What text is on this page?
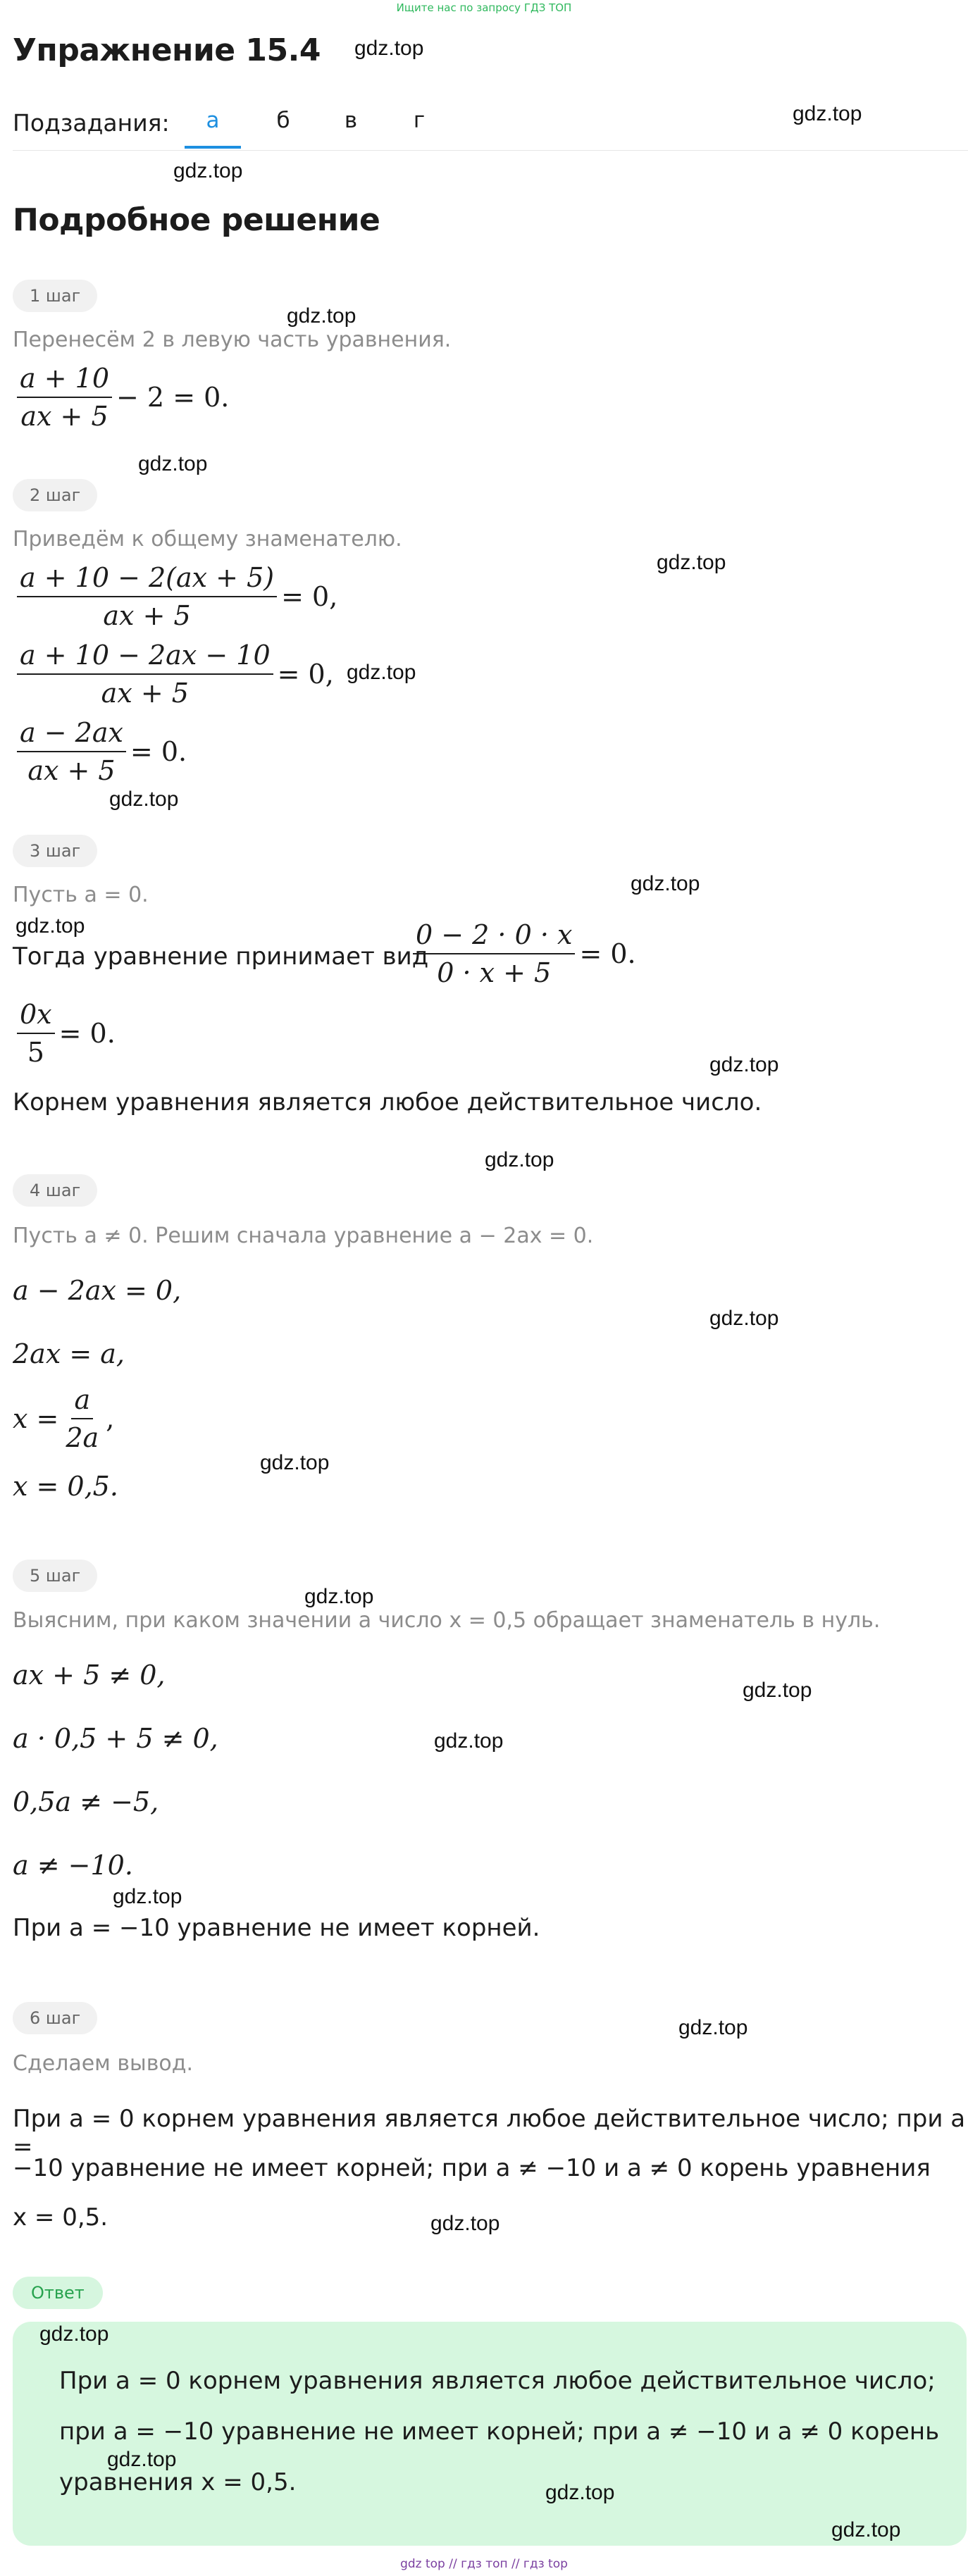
Ищите нас по запросу ГДЗ ТОП
Упражнение 15.4
Подзадания:	а	б	в	г
Подробное решение
1 шаг
Перенесём 2 в левую часть уравнения.
$\frac{a + 10}{ax + 5} - 2 = 0$.
2 шаг
Приведём к общему знаменателю.
$\frac{a + 10 - 2(ax + 5)}{ax + 5} = 0$,
$\frac{a + 10 - 2ax - 10}{ax + 5} = 0$,
$\frac{a - 2ax}{ax + 5} = 0$.
3 шаг
Пусть a = 0.
Тогда уравнение принимает вид
$\frac{0 - 2 \cdot 0 \cdot x}{0 \cdot x + 5} = 0$.
$\frac{0x}{5} = 0$.
Корнем уравнения является любое действительное число.
4 шаг
Пусть a ≠ 0. Решим сначала уравнение a − 2ax = 0.
a − 2ax = 0,
2ax = a,
$x = \frac{a}{2a}$ ,
x = 0,5.
5 шаг
Выясним, при каком значении a число x = 0,5 обращает знаменатель в нуль.
ax + 5 ≠ 0,
a · 0,5 + 5 ≠ 0,
0,5a ≠ −5,
a ≠ −10.
При a = −10 уравнение не имеет корней.
6 шаг
Сделаем вывод.
При a = 0 корнем уравнения является любое действительное число; при a =
−10 уравнение не имеет корней; при a ≠ −10 и a ≠ 0 корень уравнения
x = 0,5.
Ответ
При a = 0 корнем уравнения является любое действительное число;
при a = −10 уравнение не имеет корней; при a ≠ −10 и a ≠ 0 корень
уравнения x = 0,5.
gdz.top
gdz.top
gdz.top
gdz.top
gdz.top
gdz.top
gdz.top
gdz.top
gdz.top
gdz.top
gdz.top
gdz.top
gdz.top
gdz.top
gdz.top
gdz.top
gdz.top
gdz.top
gdz.top
gdz.top
gdz.top
gdz.top
gdz.top
gdz.top
gdz top // гдз топ // гдз top
